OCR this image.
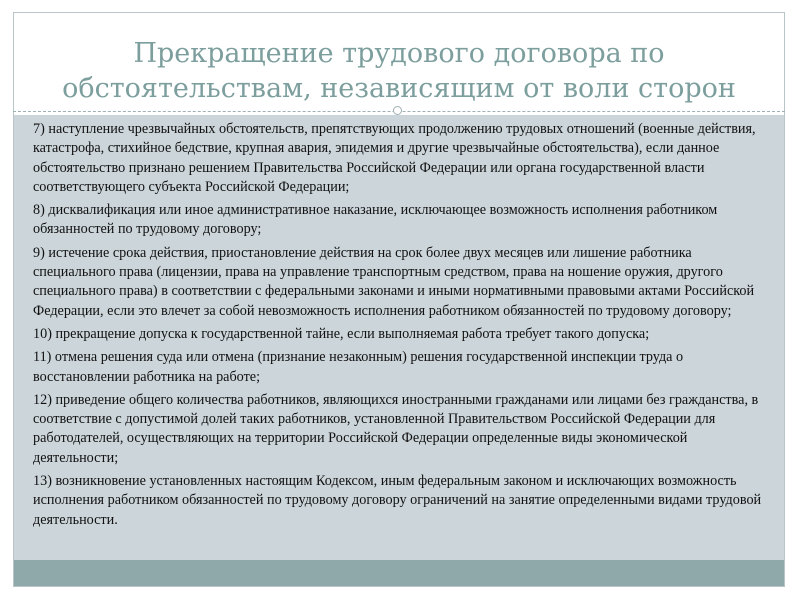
Прекращение трудового договора по
обстоятельствам, независящим от воли сторон

7) наступление чрезвычайных обстоятельств, препятствующих продолжению трудовых отношений (военные действия, катастрофа, стихийное бедствие, крупная авария, эпидемия и другие чрезвычайные обстоятельства), если данное обстоятельство признано решением Правительства Российской Федерации или органа государственной власти соответствующего субъекта Российской Федерации;

8) дисквалификация или иное административное наказание, исключающее возможность исполнения работником обязанностей по трудовому договору;

9) истечение срока действия, приостановление действия на срок более двух месяцев или лишение работника специального права (лицензии, права на управление транспортным средством, права на ношение оружия, другого специального права) в соответствии с федеральными законами и иными нормативными правовыми актами Российской Федерации, если это влечет за собой невозможность исполнения работником обязанностей по трудовому договору;

10) прекращение допуска к государственной тайне, если выполняемая работа требует такого допуска;

11) отмена решения суда или отмена (признание незаконным) решения государственной инспекции труда о восстановлении работника на работе;

12) приведение общего количества работников, являющихся иностранными гражданами или лицами без гражданства, в соответствие с допустимой долей таких работников, установленной Правительством Российской Федерации для работодателей, осуществляющих на территории Российской Федерации определенные виды экономической деятельности;

13) возникновение установленных настоящим Кодексом, иным федеральным законом и исключающих возможность исполнения работником обязанностей по трудовому договору ограничений на занятие определенными видами трудовой деятельности.
